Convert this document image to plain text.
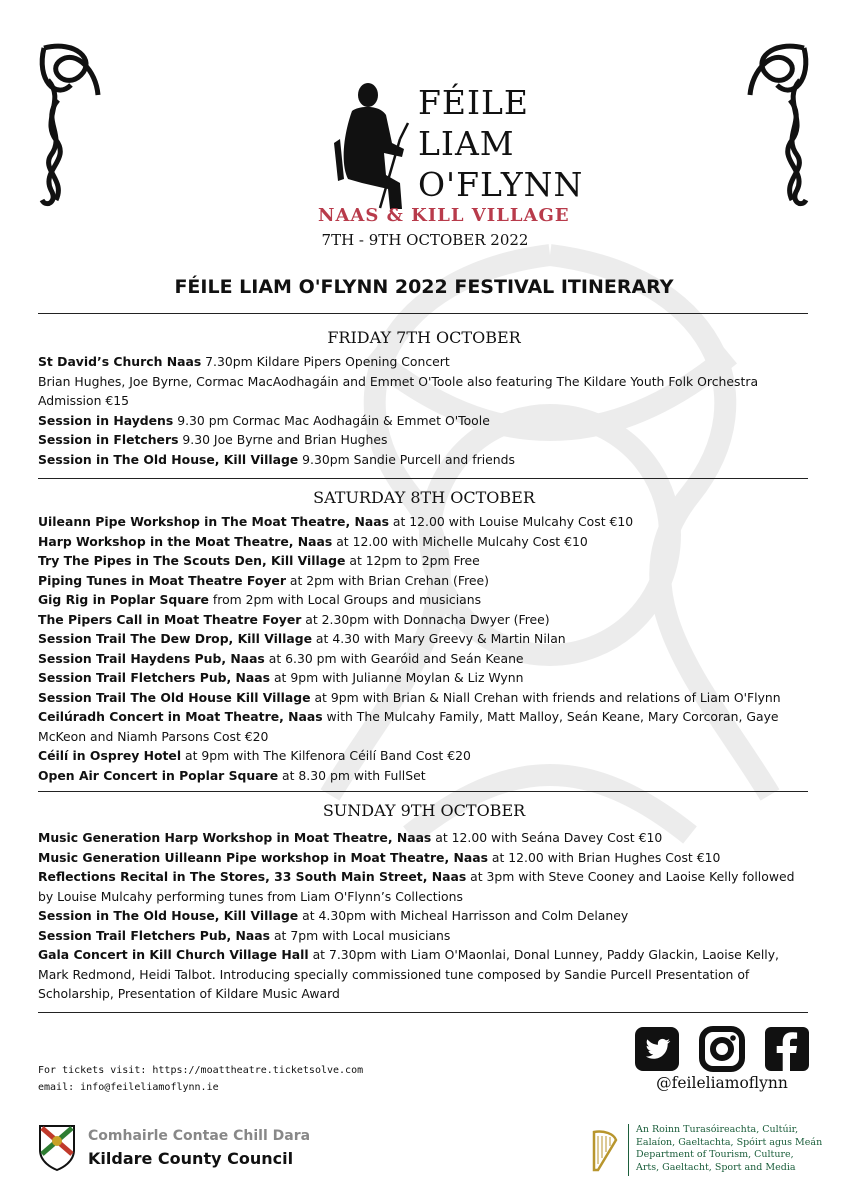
FÉILE
LIAM
O'FLYNN
NAAS & KILL VILLAGE
7TH - 9TH OCTOBER 2022
FÉILE LIAM O'FLYNN 2022 FESTIVAL ITINERARY
FRIDAY 7TH OCTOBER

St David’s Church Naas 7.30pm Kildare Pipers Opening Concert

Brian Hughes, Joe Byrne, Cormac MacAodhagáin and Emmet O'Toole also featuring The Kildare Youth Folk Orchestra

Admission €15

Session in Haydens 9.30 pm Cormac Mac Aodhagáin & Emmet O'Toole

Session in Fletchers 9.30 Joe Byrne and Brian Hughes

Session in The Old House, Kill Village 9.30pm Sandie Purcell and friends

SATURDAY 8TH OCTOBER

Uileann Pipe Workshop in The Moat Theatre, Naas at 12.00 with Louise Mulcahy Cost €10

Harp Workshop in the Moat Theatre, Naas at 12.00 with Michelle Mulcahy Cost €10

Try The Pipes in The Scouts Den, Kill Village at 12pm to 2pm Free

Piping Tunes in Moat Theatre Foyer at 2pm with Brian Crehan (Free)

Gig Rig in Poplar Square from 2pm with Local Groups and musicians

The Pipers Call in Moat Theatre Foyer at 2.30pm with Donnacha Dwyer (Free)

Session Trail The Dew Drop, Kill Village at 4.30 with Mary Greevy & Martin Nilan

Session Trail Haydens Pub, Naas at 6.30 pm with Gearóid and Seán Keane

Session Trail Fletchers Pub, Naas at 9pm with Julianne Moylan & Liz Wynn

Session Trail The Old House Kill Village at 9pm with Brian & Niall Crehan with friends and relations of Liam O'Flynn

Ceilúradh Concert in Moat Theatre, Naas with The Mulcahy Family, Matt Malloy, Seán Keane, Mary Corcoran, Gaye McKeon and Niamh Parsons Cost €20

Céilí in Osprey Hotel at 9pm with The Kilfenora Céilí Band Cost €20

Open Air Concert in Poplar Square at 8.30 pm with FullSet

SUNDAY 9TH OCTOBER

Music Generation Harp Workshop in Moat Theatre, Naas at 12.00 with Seána Davey Cost €10

Music Generation Uilleann Pipe workshop in Moat Theatre, Naas at 12.00 with Brian Hughes Cost €10

Reflections Recital in The Stores, 33 South Main Street, Naas at 3pm with Steve Cooney and Laoise Kelly followed by Louise Mulcahy performing tunes from Liam O'Flynn’s Collections

Session in The Old House, Kill Village at 4.30pm with Micheal Harrisson and Colm Delaney

Session Trail Fletchers Pub, Naas at 7pm with Local musicians

Gala Concert in Kill Church Village Hall at 7.30pm with Liam O'Maonlai, Donal Lunney, Paddy Glackin, Laoise Kelly, Mark Redmond, Heidi Talbot. Introducing specially commissioned tune composed by Sandie Purcell Presentation of Scholarship, Presentation of Kildare Music Award

For tickets visit: https://moattheatre.ticketsolve.com
email: info@feileliamoflynn.ie	@feileliamoflynn
Comhairle Contae Chill Dara
Kildare County Council
An Roinn Turasóireachta, Cultúir,
Ealaíon, Gaeltachta, Spóirt agus Meán
Department of Tourism, Culture,
Arts, Gaeltacht, Sport and Media
